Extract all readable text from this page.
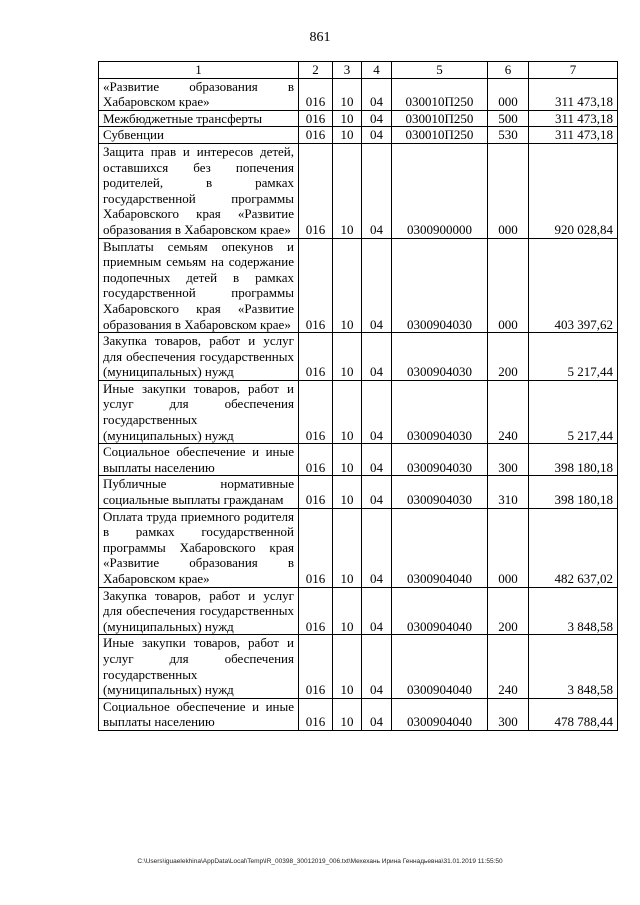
861
1	2	3	4	5	6	7
«Развитие образования в Хабаровском крае»	016	10	04	030010П250	000	311 473,18
Межбюджетные трансферты	016	10	04	030010П250	500	311 473,18
Субвенции	016	10	04	030010П250	530	311 473,18
Защита прав и интересов детей, оставшихся без попечения родителей, в рамках государственной программы Хабаровского края «Развитие образования в Хабаровском крае»	016	10	04	0300900000	000	920 028,84
Выплаты семьям опекунов и приемным семьям на содержание подопечных детей в рамках государственной программы Хабаровского края «Развитие образования в Хабаровском крае»	016	10	04	0300904030	000	403 397,62
Закупка товаров, работ и услуг для обеспечения государственных (муниципальных) нужд	016	10	04	0300904030	200	5 217,44
Иные закупки товаров, работ и услуг для обеспечения государственных (муниципальных) нужд	016	10	04	0300904030	240	5 217,44
Социальное обеспечение и иные выплаты населению	016	10	04	0300904030	300	398 180,18
Публичные нормативные социальные выплаты гражданам	016	10	04	0300904030	310	398 180,18
Оплата труда приемного родителя в рамках государственной программы Хабаровского края «Развитие образования в Хабаровском крае»	016	10	04	0300904040	000	482 637,02
Закупка товаров, работ и услуг для обеспечения государственных (муниципальных) нужд	016	10	04	0300904040	200	3 848,58
Иные закупки товаров, работ и услуг для обеспечения государственных (муниципальных) нужд	016	10	04	0300904040	240	3 848,58
Социальное обеспечение и иные выплаты населению	016	10	04	0300904040	300	478 788,44
C:\Users\iguaelekhina\AppData\Local\Temp\IR_00398_30012019_006.txt\Мехехань Ирина Геннадьевна\31.01.2019 11:55:50
